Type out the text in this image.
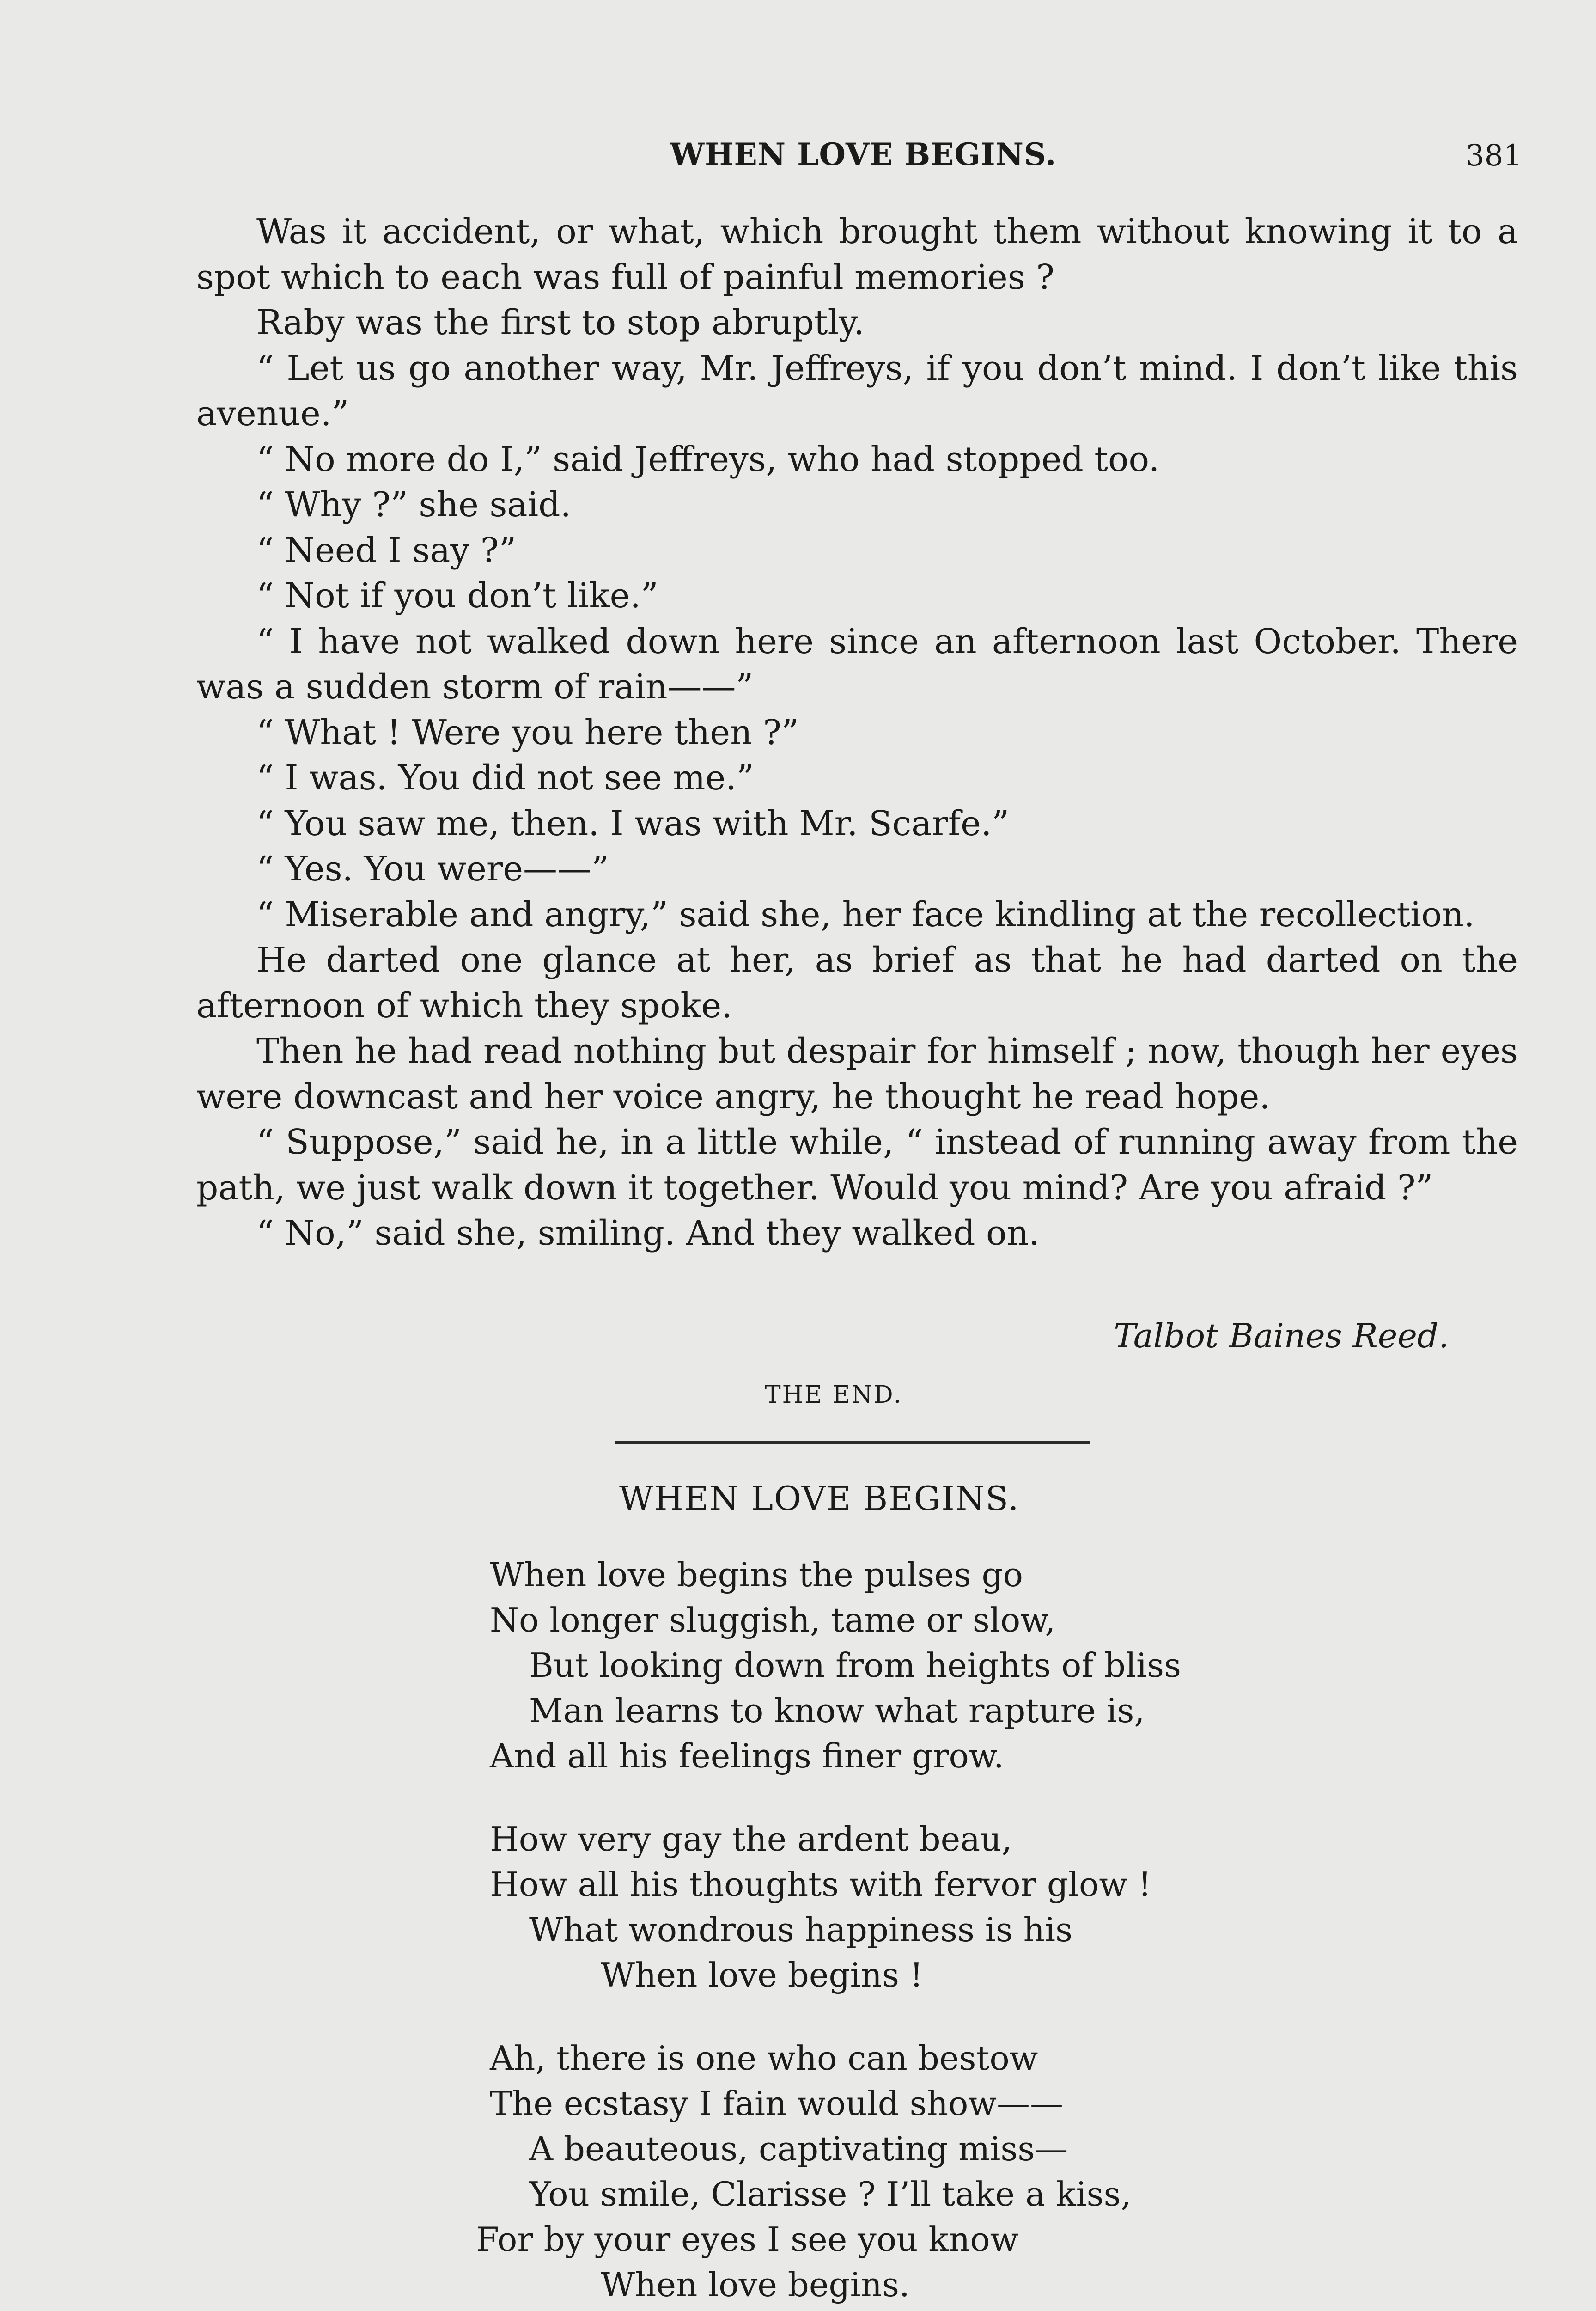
WHEN LOVE BEGINS.	381

Was it accident, or what, which brought them without knowing it to a spot which to each was full of painful memories ?

Raby was the first to stop abruptly.

“ Let us go another way, Mr. Jeffreys, if you don’t mind. I don’t like this avenue.”

“ No more do I,” said Jeffreys, who had stopped too.

“ Why ?” she said.

“ Need I say ?”

“ Not if you don’t like.”

“ I have not walked down here since an afternoon last October. There was a sudden storm of rain——”

“ What ! Were you here then ?”

“ I was. You did not see me.”

“ You saw me, then. I was with Mr. Scarfe.”

“ Yes. You were——”

“ Miserable and angry,” said she, her face kindling at the recollection.

He darted one glance at her, as brief as that he had darted on the afternoon of which they spoke.

Then he had read nothing but despair for himself ; now, though her eyes were downcast and her voice angry, he thought he read hope.

“ Suppose,” said he, in a little while, “ instead of running away from the path, we just walk down it together. Would you mind? Are you afraid ?”

“ No,” said she, smiling. And they walked on.

Talbot Baines Reed.
THE END.
WHEN LOVE BEGINS.
When love begins the pulses go
No longer sluggish, tame or slow,
But looking down from heights of bliss
Man learns to know what rapture is,
And all his feelings finer grow.
How very gay the ardent beau,
How all his thoughts with fervor glow !
What wondrous happiness is his
When love begins !
Ah, there is one who can bestow
The ecstasy I fain would show——
A beauteous, captivating miss—
You smile, Clarisse ? I’ll take a kiss,
For by your eyes I see you know
When love begins.
